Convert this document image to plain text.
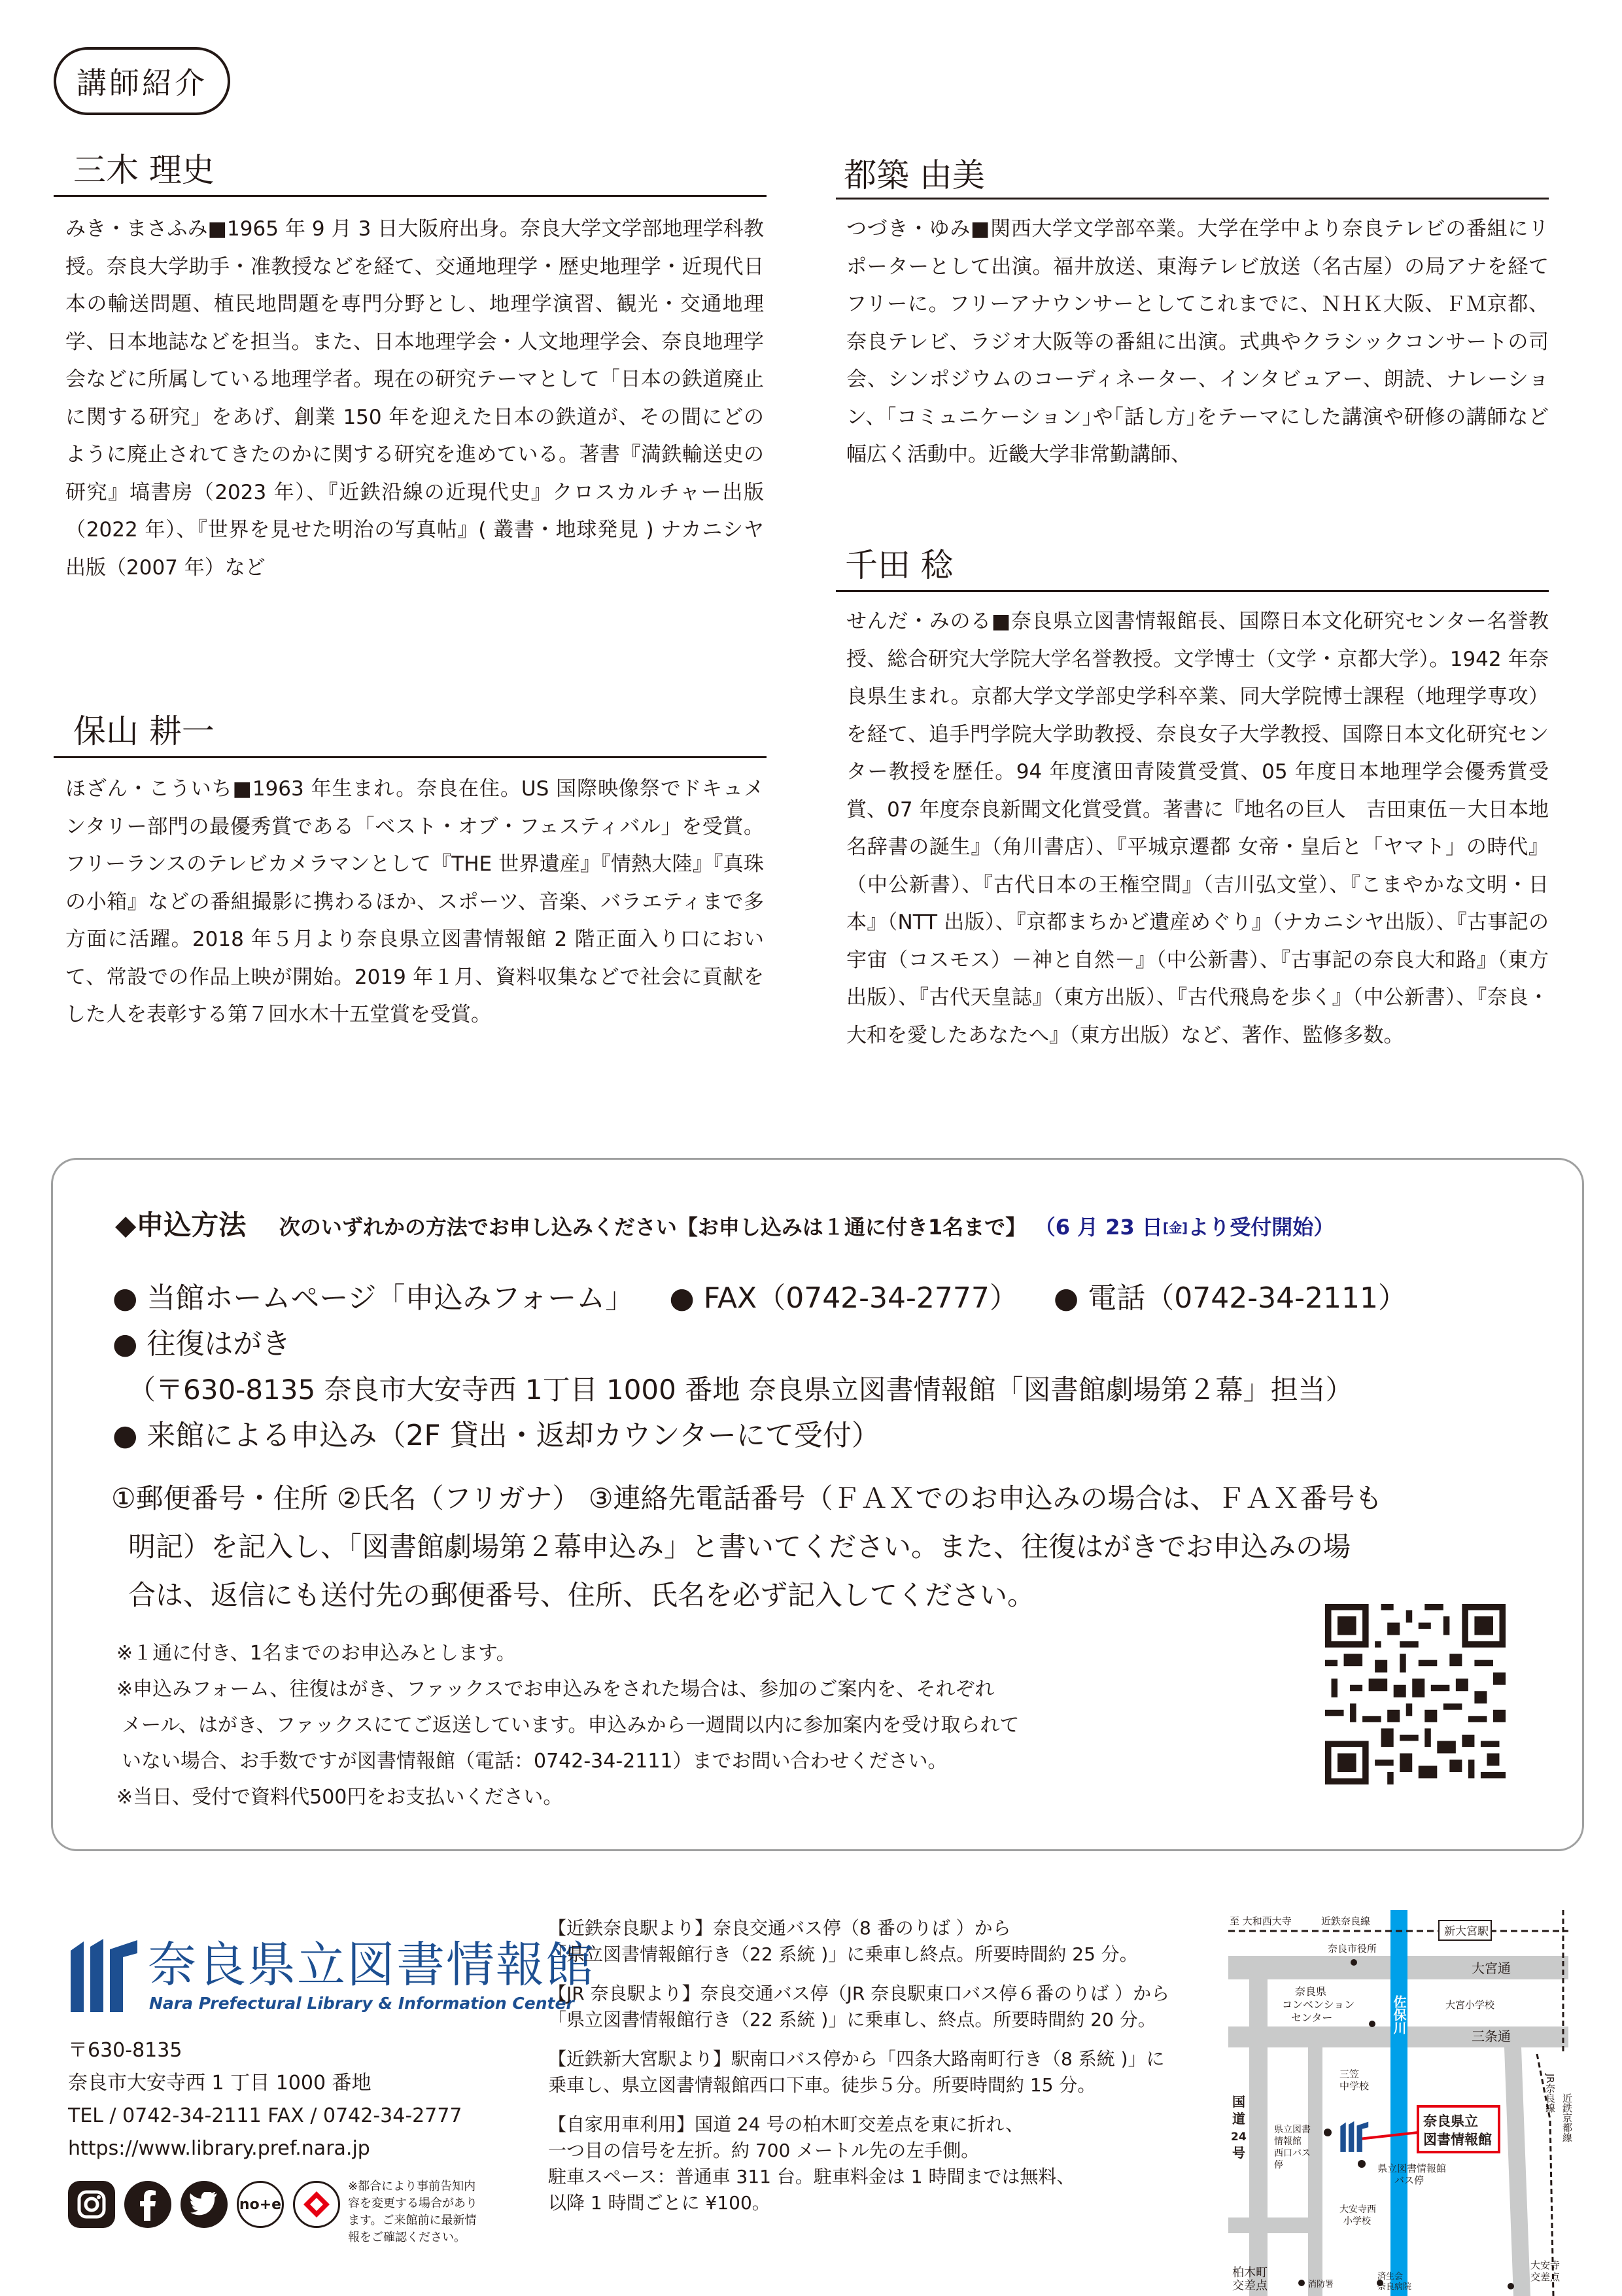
講師紹介
三木 理史
みき・まさふみ■1965 年 9 月 3 日大阪府出身。奈良大学文学部地理学科教授。奈良大学助手・准教授などを経て、交通地理学・歴史地理学・近現代日本の輸送問題、植民地問題を専門分野とし、地理学演習、観光・交通地理学、日本地誌などを担当。また、日本地理学会・人文地理学会、奈良地理学会などに所属している地理学者。現在の研究テーマとして「日本の鉄道廃止に関する研究」をあげ、創業 150 年を迎えた日本の鉄道が、その間にどのように廃止されてきたのかに関する研究を進めている。著書『満鉄輸送史の研究』塙書房（2023 年）、『近鉄沿線の近現代史』クロスカルチャー出版（2022 年）、『世界を見せた明治の写真帖』( 叢書・地球発見 ) ナカニシヤ出版（2007 年）など
保山 耕一
ほざん・こういち■1963 年生まれ。奈良在住。US 国際映像祭でドキュメンタリー部門の最優秀賞である「ベスト・オブ・フェスティバル」を受賞。フリーランスのテレビカメラマンとして『THE 世界遺産』『情熱大陸』『真珠の小箱』などの番組撮影に携わるほか、スポーツ、音楽、バラエティまで多方面に活躍。2018 年５月より奈良県立図書情報館 2 階正面入り口において、常設での作品上映が開始。2019 年１月、資料収集などで社会に貢献をした人を表彰する第７回水木十五堂賞を受賞。
都築 由美
つづき・ゆみ■関西大学文学部卒業。大学在学中より奈良テレビの番組にリポーターとして出演。福井放送、東海テレビ放送（名古屋）の局アナを経てフリーに。フリーアナウンサーとしてこれまでに、ＮＨＫ大阪、ＦＭ京都、奈良テレビ、ラジオ大阪等の番組に出演。式典やクラシックコンサートの司会、シンポジウムのコーディネーター、インタビュアー、朗読、ナレーション、｢コミュニケーション｣や｢話し方｣をテーマにした講演や研修の講師など幅広く活動中。近畿大学非常勤講師、
千田 稔
せんだ・みのる■奈良県立図書情報館長、国際日本文化研究センター名誉教授、総合研究大学院大学名誉教授。文学博士（文学・京都大学）。1942 年奈良県生まれ。京都大学文学部史学科卒業、同大学院博士課程（地理学専攻）を経て、追手門学院大学助教授、奈良女子大学教授、国際日本文化研究センター教授を歴任。94 年度濱田青陵賞受賞、05 年度日本地理学会優秀賞受賞、07 年度奈良新聞文化賞受賞。著書に『地名の巨人　吉田東伍－大日本地名辞書の誕生』（角川書店）、『平城京遷都 女帝・皇后と「ヤマト」の時代』（中公新書）、『古代日本の王権空間』（吉川弘文堂）、『こまやかな文明・日本』（NTT 出版）、『京都まちかど遺産めぐり』（ナカニシヤ出版）、『古事記の宇宙（コスモス）－神と自然－』（中公新書）、『古事記の奈良大和路』（東方出版）、『古代天皇誌』（東方出版）、『古代飛鳥を歩く』（中公新書）、『奈良・大和を愛したあなたへ』（東方出版）など、著作、監修多数。
◆申込方法 次のいずれかの方法でお申し込みください【お申し込みは１通に付き1名まで】 （6 月 23 日[金]より受付開始）
● 当館ホームページ「申込みフォーム」 ● FAX（0742-34-2777） ● 電話（0742-34-2111）
● 往復はがき
（〒630-8135 奈良市大安寺西 1丁目 1000 番地 奈良県立図書情報館「図書館劇場第２幕」担当）
● 来館による申込み（2F 貸出・返却カウンターにて受付）
①郵便番号・住所 ②氏名（フリガナ） ③連絡先電話番号（ＦＡＸでのお申込みの場合は、ＦＡＸ番号も
明記）を記入し、「図書館劇場第２幕申込み」と書いてください。また、往復はがきでお申込みの場
合は、返信にも送付先の郵便番号、住所、氏名を必ず記入してください。
※１通に付き、1名までのお申込みとします。
※申込みフォーム、往復はがき、ファックスでお申込みをされた場合は、参加のご案内を、それぞれ
メール、はがき、ファックスにてご返送しています。申込みから一週間以内に参加案内を受け取られて
いない場合、お手数ですが図書情報館（電話：0742-34-2111）までお問い合わせください。
※当日、受付で資料代500円をお支払いください。
奈良県立図書情報館
Nara Prefectural Library & Information Center
〒630-8135
奈良市大安寺西 1 丁目 1000 番地
TEL / 0742-34-2111 FAX / 0742-34-2777
https://www.library.pref.nara.jp
no+e
※都合により事前告知内
容を変更する場合があり
ます。ご来館前に最新情
報をご確認ください。
【近鉄奈良駅より】奈良交通バス停（8 番のりば ）から
「県立図書情報館行き（22 系統 )」に乗車し終点。所要時間約 25 分。
【JR 奈良駅より】奈良交通バス停（JR 奈良駅東口バス停６番のりば ）から
「県立図書情報館行き（22 系統 )」に乗車し、終点。所要時間約 20 分。
【近鉄新大宮駅より】駅南口バス停から「四条大路南町行き（8 系統 )」に
乗車し、県立図書情報館西口下車。徒歩５分。所要時間約 15 分。
【自家用車利用】国道 24 号の柏木町交差点を東に折れ、
一つ目の信号を左折。約 700 メートル先の左手側。
駐車スペース：普通車 311 台。駐車料金は 1 時間までは無料、
以降 1 時間ごとに ¥100。
至 大和西大寺	近鉄奈良線
新大宮駅
奈良市役所
奈良県
コンベンション
センター
大宮通
大宮小学校
三条通
三笠
中学校
県立図書
情報館
西口バス
停
奈良県立
図書情報館
県立図書情報館
バス停
大安寺西
小学校
柏木町
交差点	消防署
済生会
奈良病院
大安寺
交差点
国
道
24
号
佐保川
JR奈良線
近鉄京都線
